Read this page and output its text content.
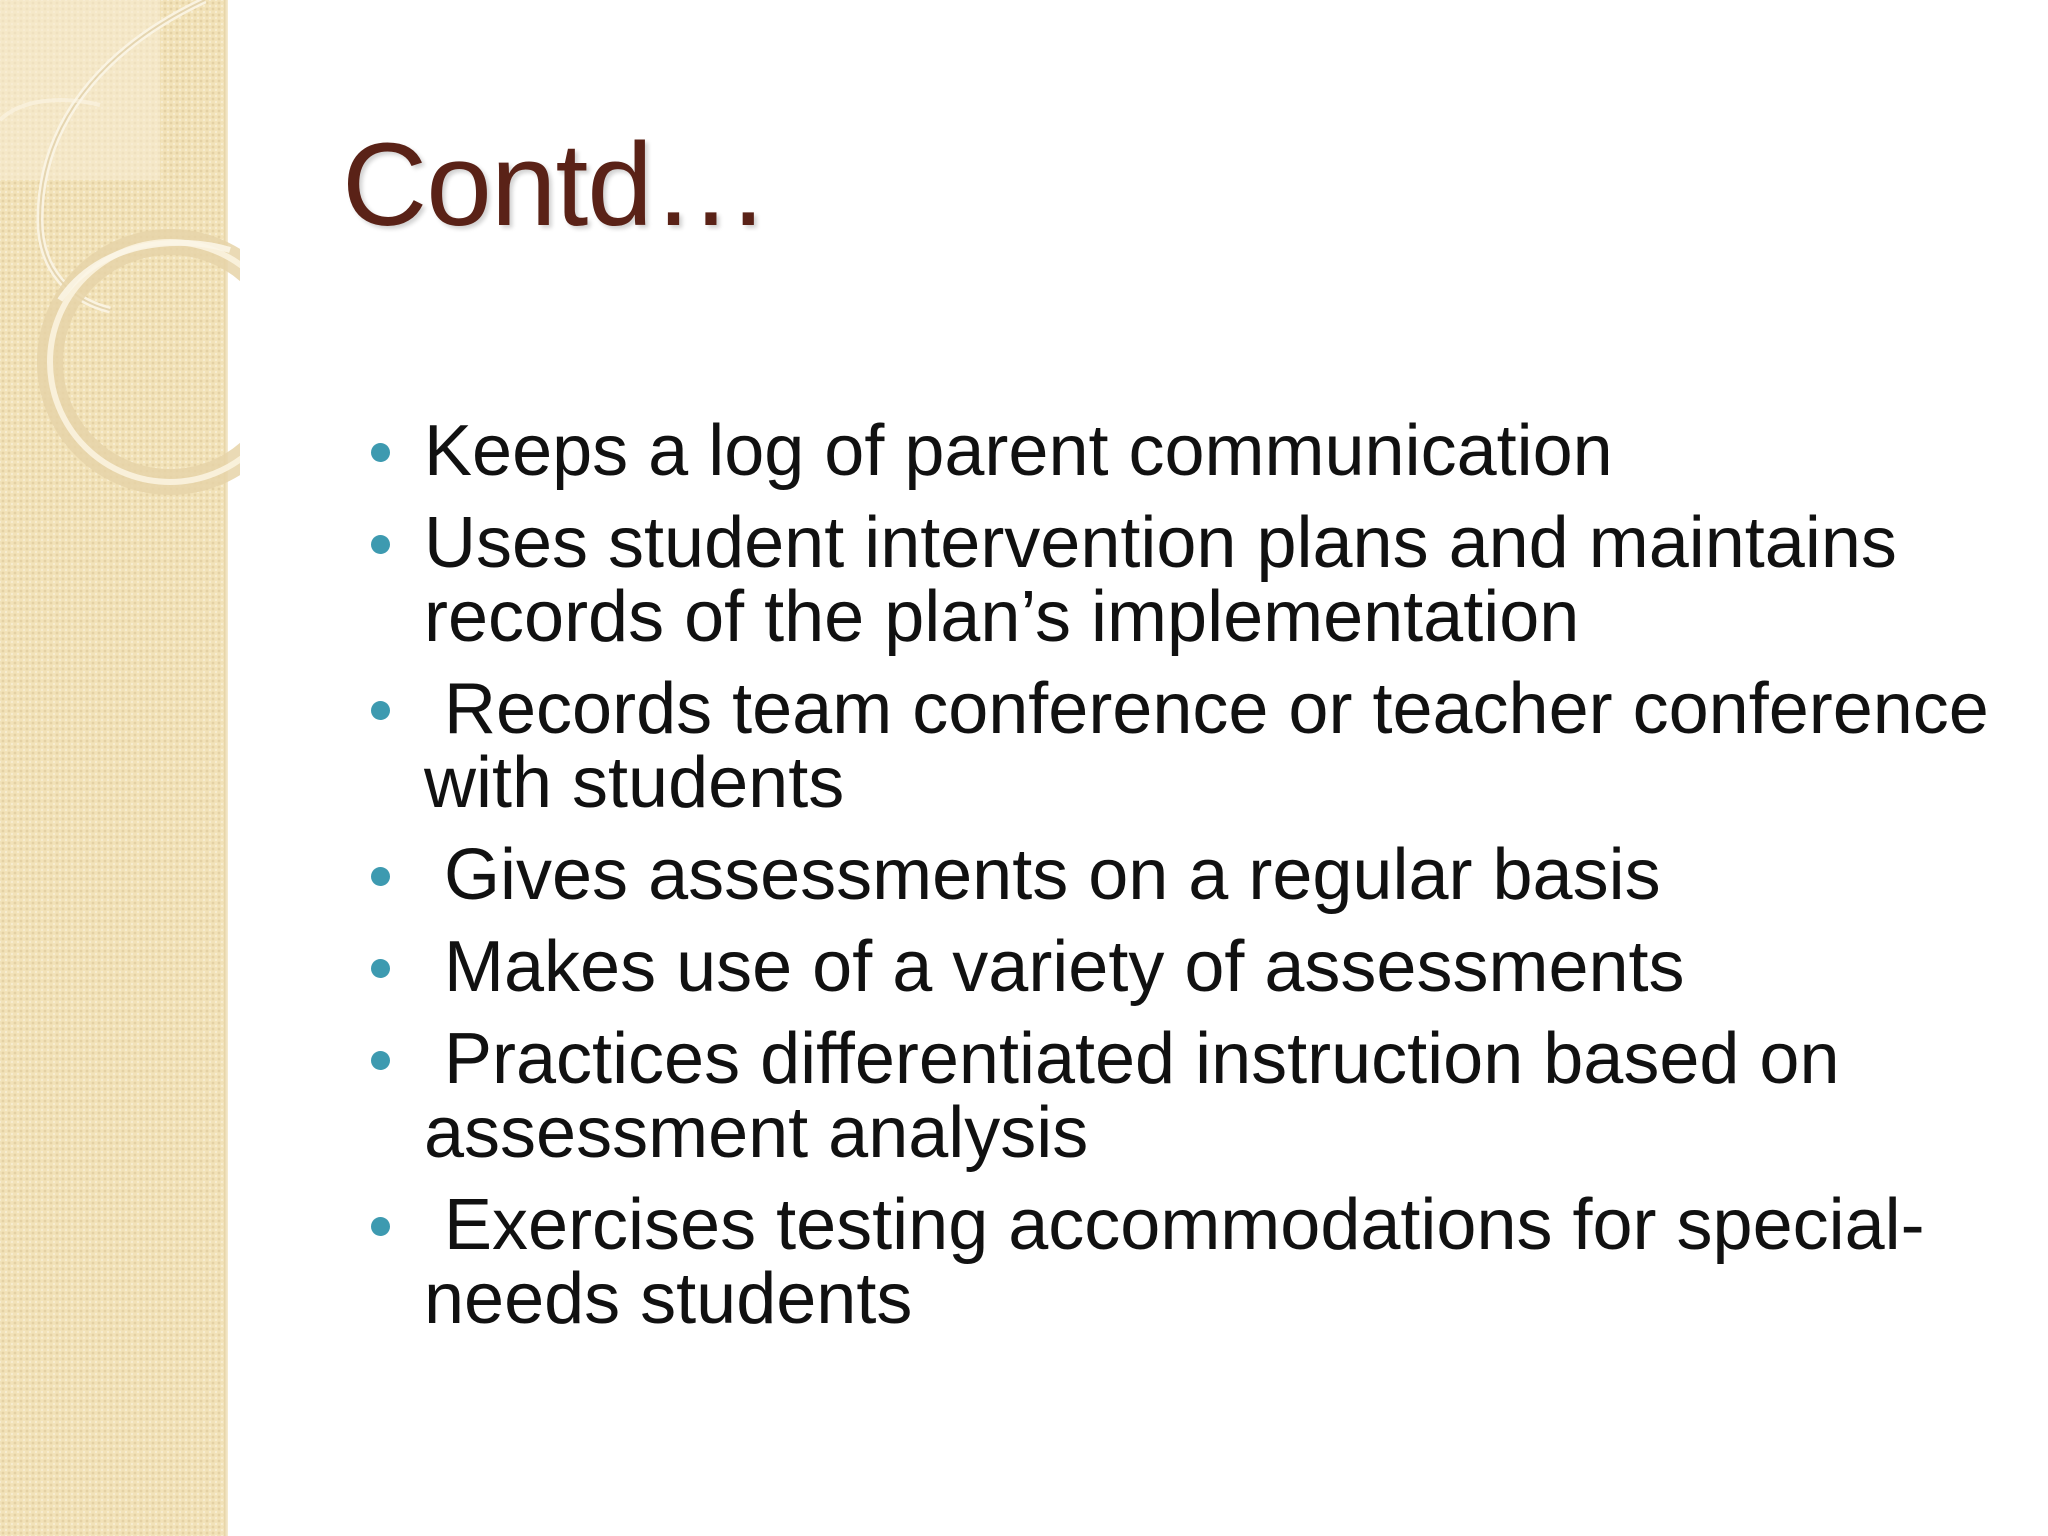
Contd…
Keeps a log of parent communication
Uses student intervention plans and maintains records of the plan’s implementation
Records team conference or teacher conference with students
Gives assessments on a regular basis
Makes use of a variety of assessments
Practices differentiated instruction based on assessment analysis
Exercises testing accommodations for special-needs students
